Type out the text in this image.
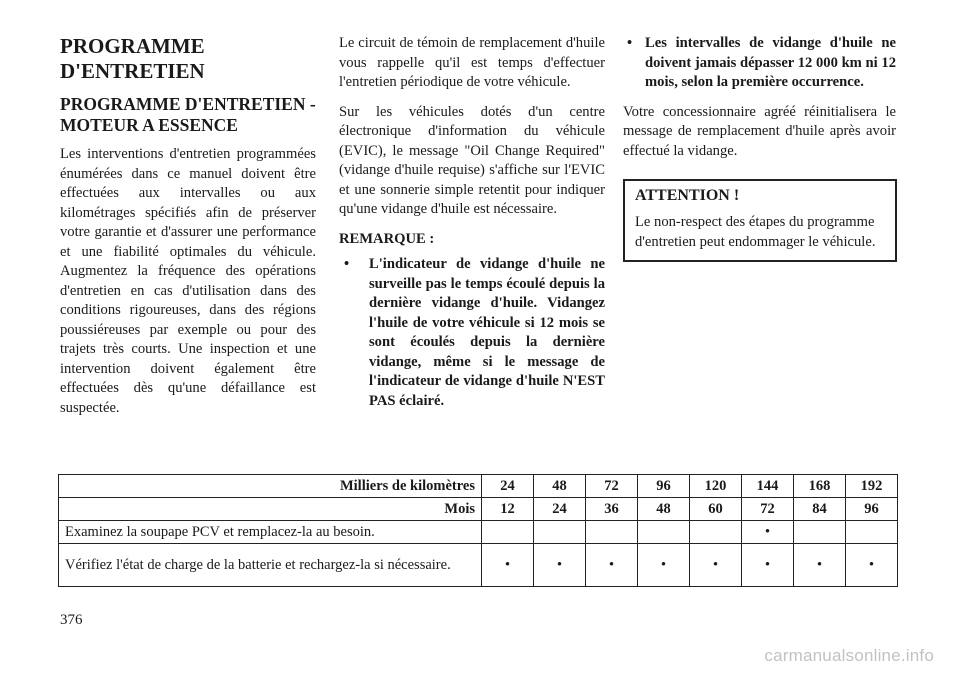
PROGRAMME D'ENTRETIEN
PROGRAMME D'ENTRETIEN - MOTEUR A ESSENCE

Les interventions d'entretien programmées énumérées dans ce manuel doivent être effectuées aux intervalles ou aux kilométrages spécifiés afin de préserver votre garantie et d'assurer une performance et une fiabilité optimales du véhicule. Augmentez la fréquence des opérations d'entretien en cas d'utilisation dans des conditions rigoureuses, dans des régions poussiéreuses par exemple ou pour des trajets très courts. Une inspection et une intervention doivent également être effectuées dès qu'une défaillance est suspectée.

Le circuit de témoin de remplacement d'huile vous rappelle qu'il est temps d'effectuer l'entretien périodique de votre véhicule.

Sur les véhicules dotés d'un centre électronique d'information du véhicule (EVIC), le message "Oil Change Required" (vidange d'huile requise) s'affiche sur l'EVIC et une sonnerie simple retentit pour indiquer qu'une vidange d'huile est nécessaire.

REMARQUE :

• L'indicateur de vidange d'huile ne surveille pas le temps écoulé depuis la dernière vidange d'huile. Vidangez l'huile de votre véhicule si 12 mois se sont écoulés depuis la dernière vidange, même si le message de l'indicateur de vidange d'huile N'EST PAS éclairé.
• Les intervalles de vidange d'huile ne doivent jamais dépasser 12 000 km ni 12 mois, selon la première occurrence.

Votre concessionnaire agréé réinitialisera le message de remplacement d'huile après avoir effectué la vidange.

ATTENTION !

Le non-respect des étapes du programme d'entretien peut endommager le véhicule.

Milliers de kilomètres	24	48	72	96	120	144	168	192
Mois	12	24	36	48	60	72	84	96
Examinez la soupape PCV et remplacez-la au besoin.						•		
Vérifiez l'état de charge de la batterie et rechargez-la si nécessaire.	•	•	•	•	•	•	•	•
376
carmanualsonline.info
